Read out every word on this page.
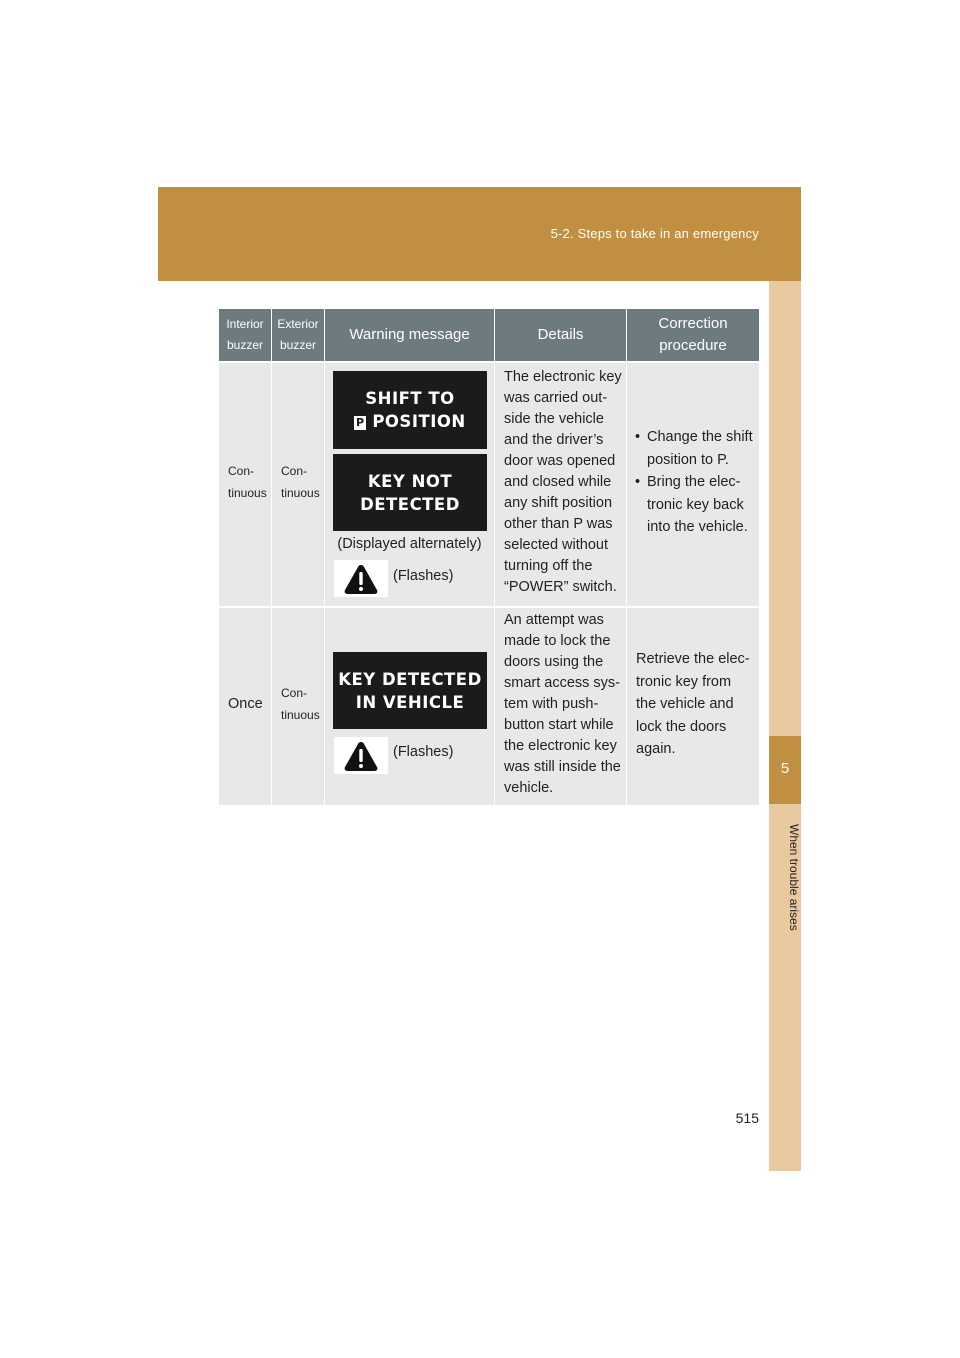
5-2. Steps to take in an emergency
5
When trouble arises
Interior
buzzer
Exterior
buzzer
Warning message	Details
Correction
procedure
Con-
tinuous
Con-
tinuous
SHIFT TO
P POSITION
KEY NOT
DETECTED
(Displayed alternately)
(Flashes)
The electronic key
was carried out-
side the vehicle
and the driver’s
door was opened
and closed while
any shift position
other than P was
selected without
turning off the
“POWER” switch.
• Change the shift
position to P.
• Bring the elec-
tronic key back
into the vehicle.
Once
Con-
tinuous
KEY DETECTED
IN VEHICLE
(Flashes)
An attempt was
made to lock the
doors using the
smart access sys-
tem with push-
button start while
the electronic key
was still inside the
vehicle.
Retrieve the elec-
tronic key from
the vehicle and
lock the doors
again.
515
